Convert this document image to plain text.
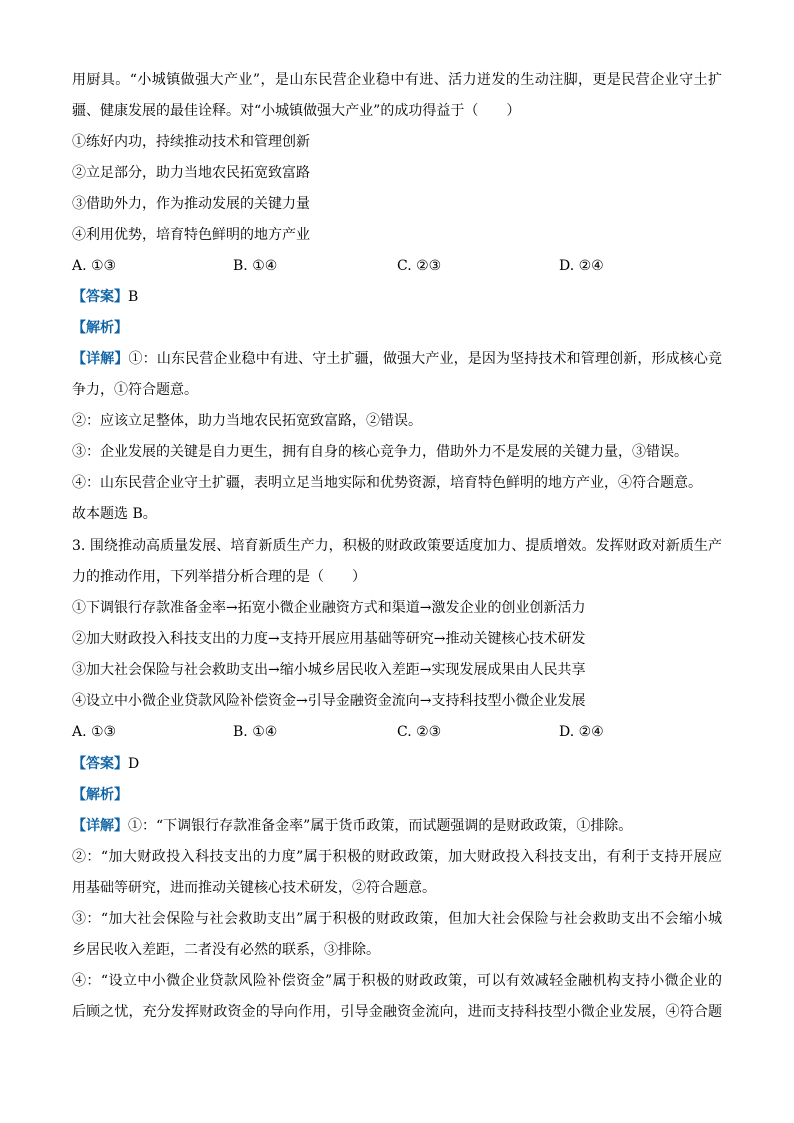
用厨具。“小城镇做强大产业”，是山东民营企业稳中有进、活力迸发的生动注脚，更是民营企业守土扩
疆、健康发展的最佳诠释。对“小城镇做强大产业”的成功得益于（　　）
①练好内功，持续推动技术和管理创新
②立足部分，助力当地农民拓宽致富路
③借助外力，作为推动发展的关键力量
④利用优势，培育特色鲜明的地方产业
A. ①③	B. ①④	C. ②③	D. ②④
【答案】B
【解析】
【详解】①：山东民营企业稳中有进、守土扩疆，做强大产业，是因为坚持技术和管理创新，形成核心竞
争力，①符合题意。
②：应该立足整体，助力当地农民拓宽致富路，②错误。
③：企业发展的关键是自力更生，拥有自身的核心竞争力，借助外力不是发展的关键力量，③错误。
④：山东民营企业守土扩疆，表明立足当地实际和优势资源，培育特色鲜明的地方产业，④符合题意。
故本题选 B。
3. 围绕推动高质量发展、培育新质生产力，积极的财政政策要适度加力、提质增效。发挥财政对新质生产
力的推动作用，下列举措分析合理的是（　　）
①下调银行存款准备金率→拓宽小微企业融资方式和渠道→激发企业的创业创新活力
②加大财政投入科技支出的力度→支持开展应用基础等研究→推动关键核心技术研发
③加大社会保险与社会救助支出→缩小城乡居民收入差距→实现发展成果由人民共享
④设立中小微企业贷款风险补偿资金→引导金融资金流向→支持科技型小微企业发展
A. ①③	B. ①④	C. ②③	D. ②④
【答案】D
【解析】
【详解】①：“下调银行存款准备金率”属于货币政策，而试题强调的是财政政策，①排除。
②：“加大财政投入科技支出的力度”属于积极的财政政策，加大财政投入科技支出，有利于支持开展应
用基础等研究，进而推动关键核心技术研发，②符合题意。
③：“加大社会保险与社会救助支出”属于积极的财政政策，但加大社会保险与社会救助支出不会缩小城
乡居民收入差距，二者没有必然的联系，③排除。
④：“设立中小微企业贷款风险补偿资金”属于积极的财政政策，可以有效减轻金融机构支持小微企业的
后顾之忧，充分发挥财政资金的导向作用，引导金融资金流向，进而支持科技型小微企业发展，④符合题
